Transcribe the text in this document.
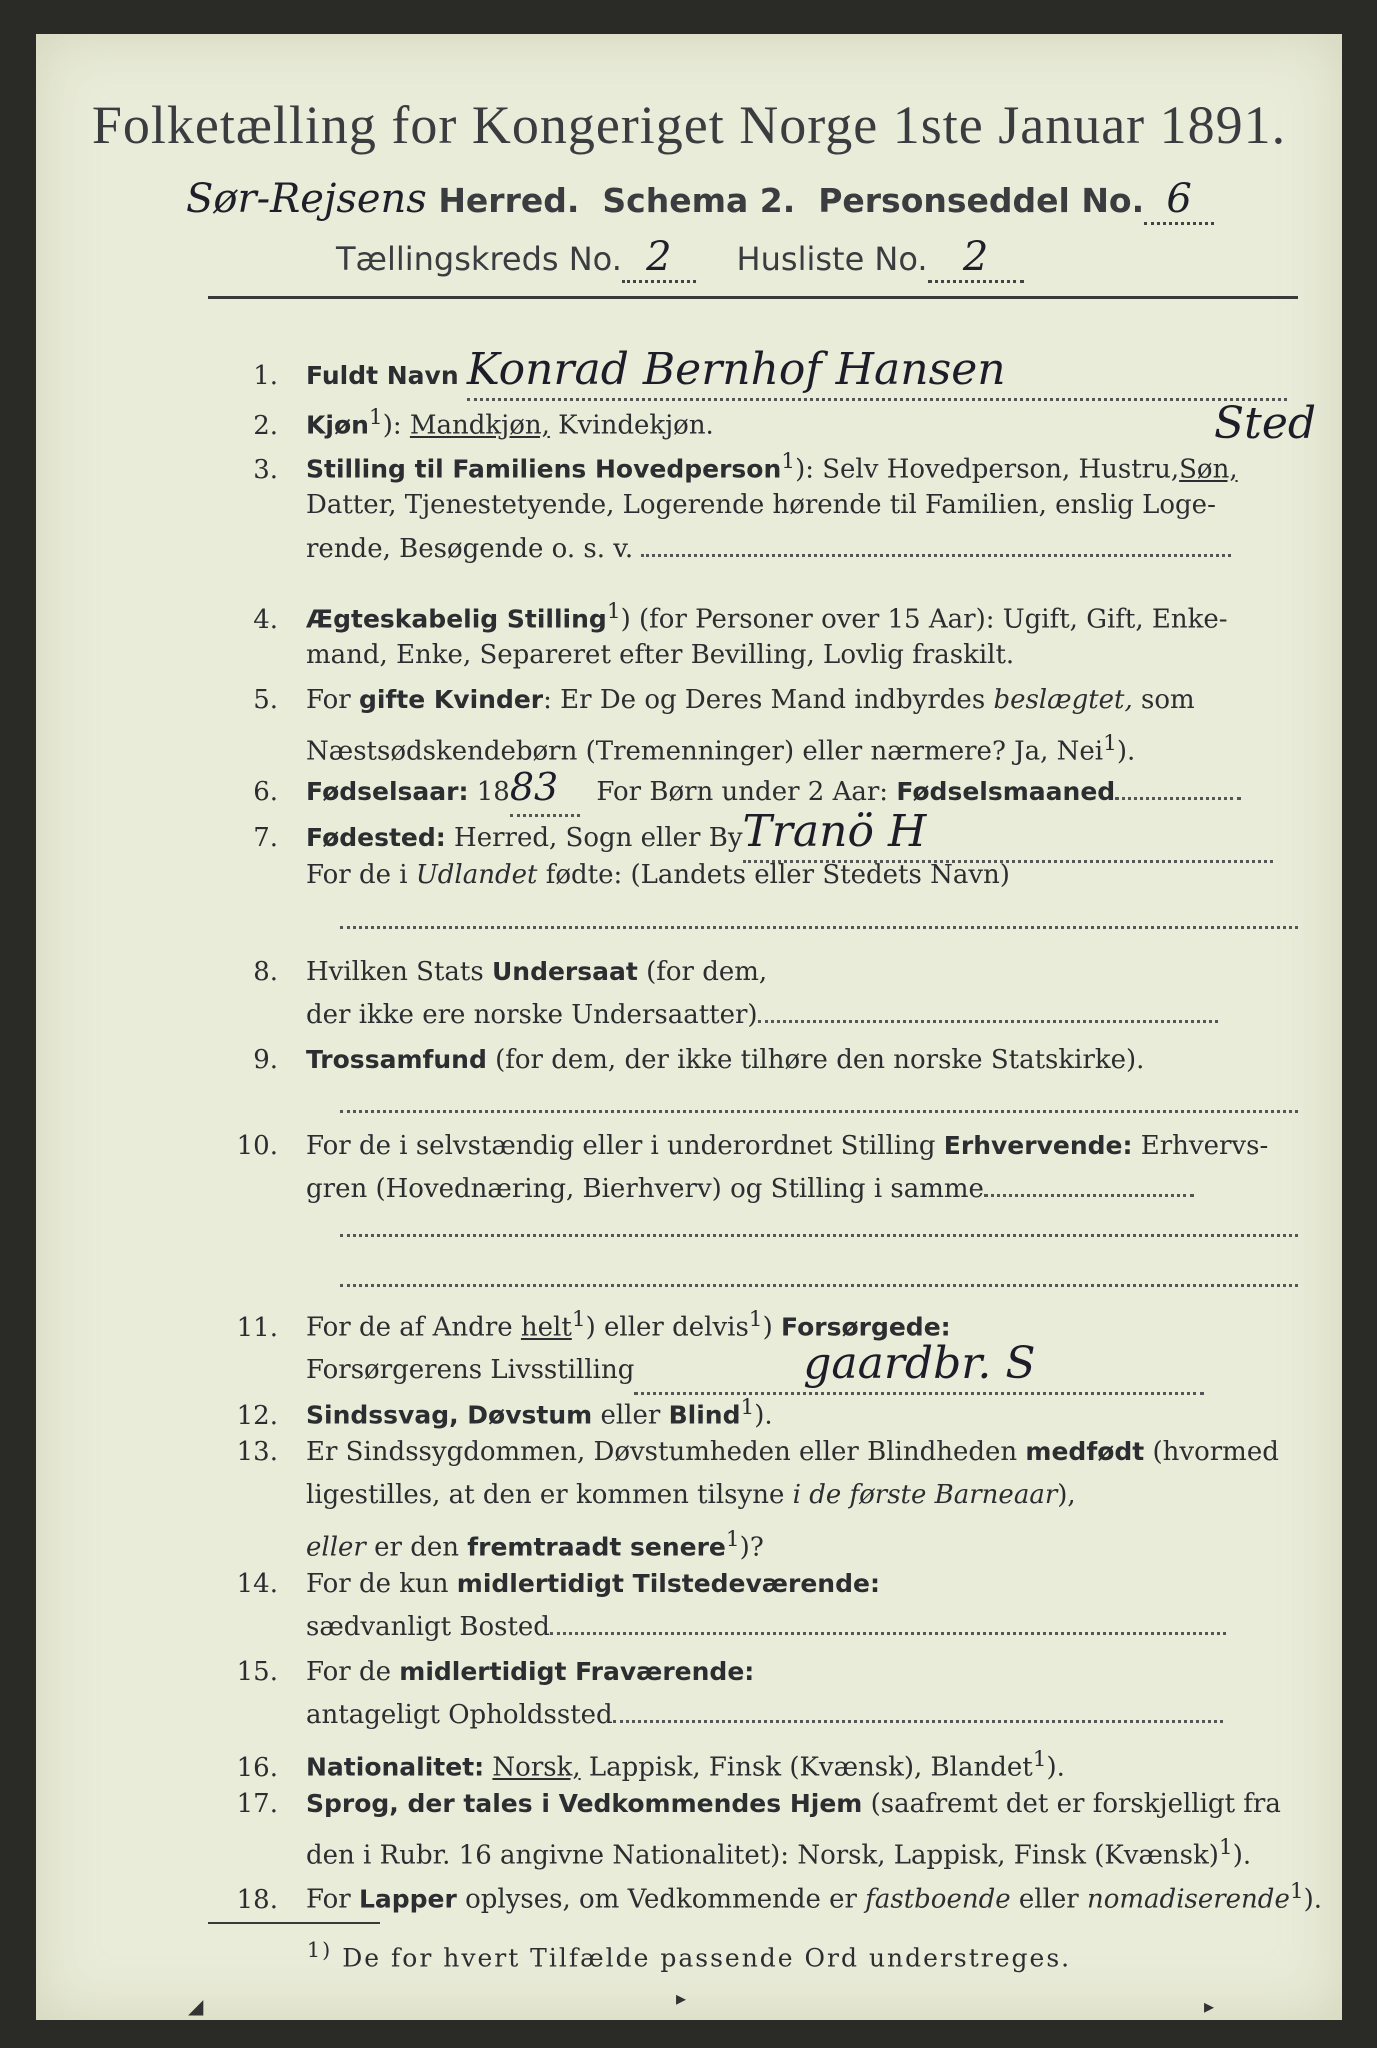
Folketælling for Kongeriget Norge 1ste Januar 1891.
Sør-Rejsens Herred. Schema 2. Personseddel No. 6
Tællingskreds No. 2 Husliste No. 2
1. Fuldt Navn Konrad Bernhof Hansen
2. Kjøn$^1$): Mandkjøn, Kvindekjøn.
3. Stilling til Familiens Hovedperson$^1$): Selv Hovedperson, Hustru,Søn,
Sted
Datter, Tjenestetyende, Logerende hørende til Familien, enslig Loge-
rende, Besøgende o. s. v.
4. Ægteskabelig Stilling$^1$) (for Personer over 15 Aar): Ugift, Gift, Enke-
mand, Enke, Separeret efter Bevilling, Lovlig fraskilt.
5. For gifte Kvinder: Er De og Deres Mand indbyrdes beslægtet, som
Næstsødskendebørn (Tremenninger) eller nærmere? Ja, Nei$^1$).
6. Fødselsaar: 1883 For Børn under 2 Aar: Fødselsmaaned
7. Fødested: Herred, Sogn eller ByTranö H
For de i Udlandet fødte: (Landets eller Stedets Navn)
8. Hvilken Stats Undersaat (for dem,
der ikke ere norske Undersaatter)
9. Trossamfund (for dem, der ikke tilhøre den norske Statskirke).
10. For de i selvstændig eller i underordnet Stilling Erhvervende: Erhvervs-
gren (Hovednæring, Bierhverv) og Stilling i samme
11. For de af Andre helt$^1$) eller delvis$^1$) Forsørgede:
Forsørgerens Livsstilling	gaardbr. S
12. Sindssvag, Døvstum eller Blind$^1$).
13. Er Sindssygdommen, Døvstumheden eller Blindheden medfødt (hvormed
ligestilles, at den er kommen tilsyne i de første Barneaar),
eller er den fremtraadt senere$^1$)?
14. For de kun midlertidigt Tilstedeværende:
sædvanligt Bosted
15. For de midlertidigt Fraværende:
antageligt Opholdssted
16. Nationalitet: Norsk, Lappisk, Finsk (Kvænsk), Blandet$^1$).
17. Sprog, der tales i Vedkommendes Hjem (saafremt det er forskjelligt fra
den i Rubr. 16 angivne Nationalitet): Norsk, Lappisk, Finsk (Kvænsk)$^1$).
18. For Lapper oplyses, om Vedkommende er fastboende eller nomadiserende$^1$).
$^{1)}$ De for hvert Tilfælde passende Ord understreges.
◢	▸	▸
